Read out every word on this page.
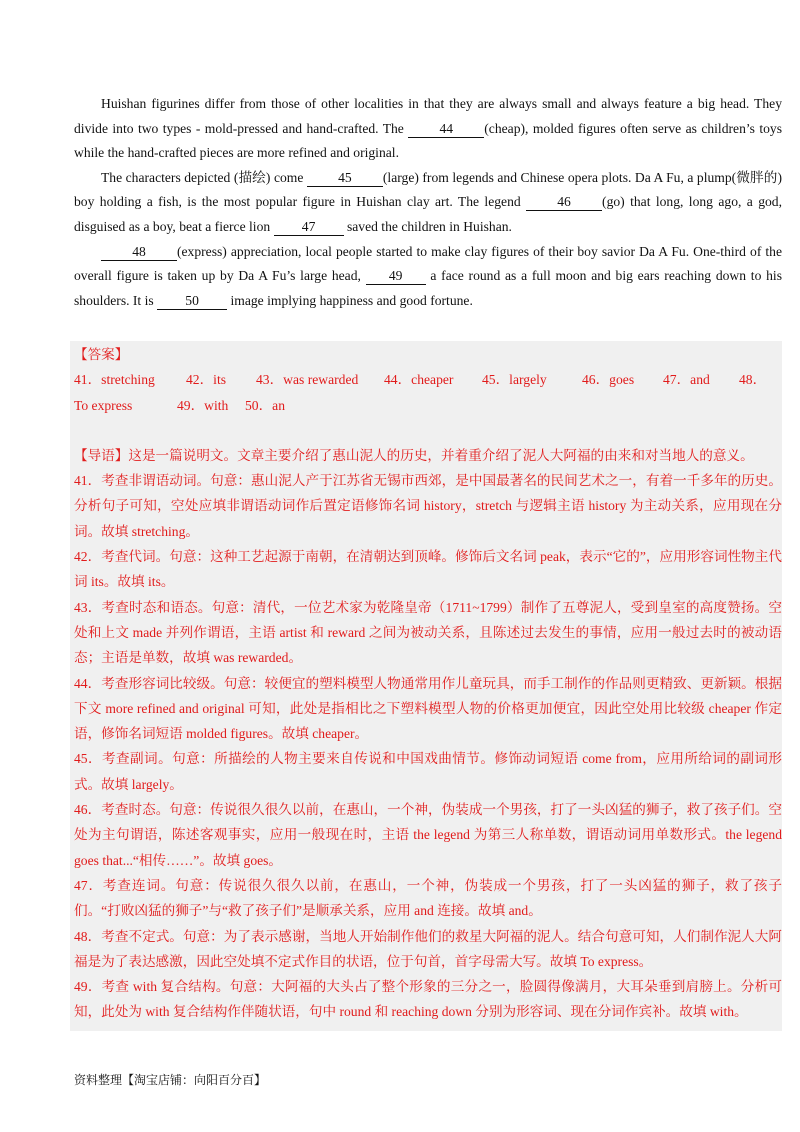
Huishan figurines differ from those of other localities in that they are always small and always feature a big head. They divide into two types - mold-pressed and hand-crafted. The 44 (cheap), molded figures often serve as children’s toys while the hand-crafted pieces are more refined and original.

The characters depicted (描绘) come 45 (large) from legends and Chinese opera plots. Da A Fu, a plump(微胖的) boy holding a fish, is the most popular figure in Huishan clay art. The legend 46 (go) that long, long ago, a god, disguised as a boy, beat a fierce lion 47 saved the children in Huishan.

48 (express) appreciation, local people started to make clay figures of their boy savior Da A Fu. One-third of the overall figure is taken up by Da A Fu’s large head, 49 a face round as a full moon and big ears reaching down to his shoulders. It is 50 image implying happiness and good fortune.

【答案】

41．stretching	42．its	43．was rewarded	44．cheaper	45．largely	46．goes	47．and	48．
To express	49．with 50．an

【导语】这是一篇说明文。文章主要介绍了惠山泥人的历史，并着重介绍了泥人大阿福的由来和对当地人的意义。

41．考查非谓语动词。句意：惠山泥人产于江苏省无锡市西郊，是中国最著名的民间艺术之一，有着一千多年的历史。分析句子可知，空处应填非谓语动词作后置定语修饰名词 history，stretch 与逻辑主语 history 为主动关系，应用现在分词。故填 stretching。

42．考查代词。句意：这种工艺起源于南朝，在清朝达到顶峰。修饰后文名词 peak，表示“它的”，应用形容词性物主代词 its。故填 its。

43．考查时态和语态。句意：清代，一位艺术家为乾隆皇帝（1711~1799）制作了五尊泥人，受到皇室的高度赞扬。空处和上文 made 并列作谓语，主语 artist 和 reward 之间为被动关系，且陈述过去发生的事情，应用一般过去时的被动语态；主语是单数，故填 was rewarded。

44．考查形容词比较级。句意：较便宜的塑料模型人物通常用作儿童玩具，而手工制作的作品则更精致、更新颖。根据下文 more refined and original 可知，此处是指相比之下塑料模型人物的价格更加便宜，因此空处用比较级 cheaper 作定语，修饰名词短语 molded figures。故填 cheaper。

45．考查副词。句意：所描绘的人物主要来自传说和中国戏曲情节。修饰动词短语 come from，应用所给词的副词形式。故填 largely。

46．考查时态。句意：传说很久很久以前，在惠山，一个神，伪装成一个男孩，打了一头凶猛的狮子，救了孩子们。空处为主句谓语，陈述客观事实，应用一般现在时，主语 the legend 为第三人称单数，谓语动词用单数形式。the legend goes that...“相传……”。故填 goes。

47．考查连词。句意：传说很久很久以前，在惠山，一个神，伪装成一个男孩，打了一头凶猛的狮子，救了孩子们。“打败凶猛的狮子”与“救了孩子们”是顺承关系，应用 and 连接。故填 and。

48．考查不定式。句意：为了表示感谢，当地人开始制作他们的救星大阿福的泥人。结合句意可知，人们制作泥人大阿福是为了表达感激，因此空处填不定式作目的状语，位于句首，首字母需大写。故填 To express。

49．考查 with 复合结构。句意：大阿福的大头占了整个形象的三分之一，脸圆得像满月，大耳朵垂到肩膀上。分析可知，此处为 with 复合结构作伴随状语，句中 round 和 reaching down 分别为形容词、现在分词作宾补。故填 with。

资料整理【淘宝店铺：向阳百分百】
